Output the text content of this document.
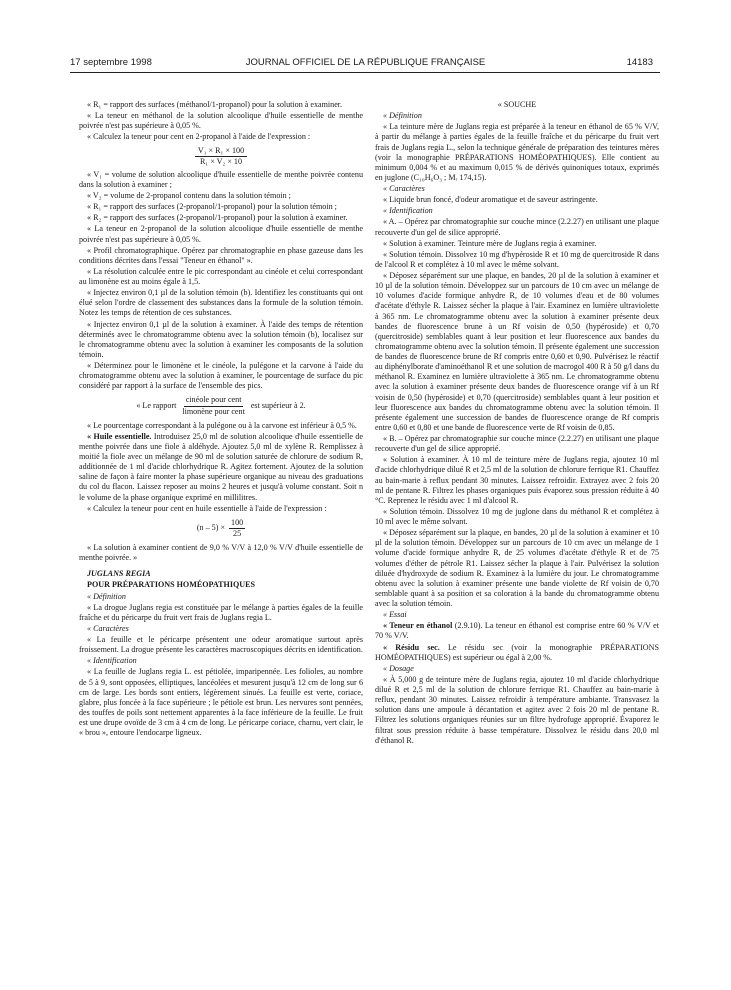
17 septembre 1998	JOURNAL OFFICIEL DE LA RÉPUBLIQUE FRANÇAISE	14183

« R₁ = rapport des surfaces (méthanol/1-propanol) pour la solution à examiner.

« La teneur en méthanol de la solution alcoolique d'huile essentielle de menthe poivrée n'est pas supérieure à 0,05 %.

« Calculez la teneur pour cent en 2-propanol à l'aide de l'expression :

$\frac{\text{V₁ × R₁ × 100}}{\text{R₁ × V₂ × 10}}$

« V₁ = volume de solution alcoolique d'huile essentielle de menthe poivrée contenu dans la solution à examiner ;

« V₂ = volume de 2-propanol contenu dans la solution témoin ;

« R₁ = rapport des surfaces (2-propanol/1-propanol) pour la solution témoin ;

« R₂ = rapport des surfaces (2-propanol/1-propanol) pour la solution à examiner.

« La teneur en 2-propanol de la solution alcoolique d'huile essentielle de menthe poivrée n'est pas supérieure à 0,05 %.

« Profil chromatographique. Opérez par chromatographie en phase gazeuse dans les conditions décrites dans l'essai "Teneur en éthanol" ».

« La résolution calculée entre le pic correspondant au cinéole et celui correspondant au limonène est au moins égale à 1,5.

« Injectez environ 0,1 µl de la solution témoin (b). Identifiez les constituants qui ont élué selon l'ordre de classement des substances dans la formule de la solution témoin. Notez les temps de rétention de ces substances.

« Injectez environ 0,1 µl de la solution à examiner. À l'aide des temps de rétention déterminés avec le chromatogramme obtenu avec la solution témoin (b), localisez sur le chromatogramme obtenu avec la solution à examiner les composants de la solution témoin.

« Déterminez pour le limonène et le cinéole, la pulégone et la carvone à l'aide du chromatogramme obtenu avec la solution à examiner, le pourcentage de surface du pic considéré par rapport à la surface de l'ensemble des pics.

« Le rapport
cinéole pour cent
limonène pour cent
est supérieur à 2.

« Le pourcentage correspondant à la pulégone ou à la carvone est inférieur à 0,5 %.

« Huile essentielle. Introduisez 25,0 ml de solution alcoolique d'huile essentielle de menthe poivrée dans une fiole à aldéhyde. Ajoutez 5,0 ml de xylène R. Remplissez à moitié la fiole avec un mélange de 90 ml de solution saturée de chlorure de sodium R, additionnée de 1 ml d'acide chlorhydrique R. Agitez fortement. Ajoutez de la solution saline de façon à faire monter la phase supérieure organique au niveau des graduations du col du flacon. Laissez reposer au moins 2 heures et jusqu'à volume constant. Soit n le volume de la phase organique exprimé en millilitres.

« Calculez la teneur pour cent en huile essentielle à l'aide de l'expression :

$(n - 5) \times \frac{100}{25}$

« La solution à examiner contient de 9,0 % V/V à 12,0 % V/V d'huile essentielle de menthe poivrée. »

JUGLANS REGIA

POUR PRÉPARATIONS HOMÉOPATHIQUES

« Définition

« La drogue Juglans regia est constituée par le mélange à parties égales de la feuille fraîche et du péricarpe du fruit vert frais de Juglans regia L.

« Caractères

« La feuille et le péricarpe présentent une odeur aromatique surtout après froissement. La drogue présente les caractères macroscopiques décrits en identification.

« Identification

« La feuille de Juglans regia L. est pétiolée, imparipennée. Les folioles, au nombre de 5 à 9, sont opposées, elliptiques, lancéolées et mesurent jusqu'à 12 cm de long sur 6 cm de large. Les bords sont entiers, légèrement sinués. La feuille est verte, coriace, glabre, plus foncée à la face supérieure ; le pétiole est brun. Les nervures sont pennées, des touffes de poils sont nettement apparentes à la face inférieure de la feuille. Le fruit est une drupe ovoïde de 3 cm à 4 cm de long. Le péricarpe coriace, charnu, vert clair, le « brou », entoure l'endocarpe ligneux.

« SOUCHE

« Définition

« La teinture mère de Juglans regia est préparée à la teneur en éthanol de 65 % V/V, à partir du mélange à parties égales de la feuille fraîche et du péricarpe du fruit vert frais de Juglans regia L., selon la technique générale de préparation des teintures mères (voir la monographie PRÉPARATIONS HOMÉOPATHIQUES). Elle contient au minimum 0,004 % et au maximum 0,015 % de dérivés quinoniques totaux, exprimés en juglone (C₁₀H₆O₃ ; Mᵣ 174,15).

« Caractères

« Liquide brun foncé, d'odeur aromatique et de saveur astringente.

« Identification

« A. – Opérez par chromatographie sur couche mince (2.2.27) en utilisant une plaque recouverte d'un gel de silice approprié.

« Solution à examiner. Teinture mère de Juglans regia à examiner.

« Solution témoin. Dissolvez 10 mg d'hypéroside R et 10 mg de quercitroside R dans de l'alcool R et complétez à 10 ml avec le même solvant.

« Déposez séparément sur une plaque, en bandes, 20 µl de la solution à examiner et 10 µl de la solution témoin. Développez sur un parcours de 10 cm avec un mélange de 10 volumes d'acide formique anhydre R, de 10 volumes d'eau et de 80 volumes d'acétate d'éthyle R. Laissez sécher la plaque à l'air. Examinez en lumière ultraviolette à 365 nm. Le chromatogramme obtenu avec la solution à examiner présente deux bandes de fluorescence brune à un Rf voisin de 0,50 (hypéroside) et 0,70 (quercitroside) semblables quant à leur position et leur fluorescence aux bandes du chromatogramme obtenu avec la solution témoin. Il présente également une succession de bandes de fluorescence brune de Rf compris entre 0,60 et 0,90. Pulvérisez le réactif au diphénylborate d'aminoéthanol R et une solution de macrogol 400 R à 50 g/l dans du méthanol R. Examinez en lumière ultraviolette à 365 nm. Le chromatogramme obtenu avec la solution à examiner présente deux bandes de fluorescence orange vif à un Rf voisin de 0,50 (hypéroside) et 0,70 (quercitroside) semblables quant à leur position et leur fluorescence aux bandes du chromatogramme obtenu avec la solution témoin. Il présente également une succession de bandes de fluorescence orange de Rf compris entre 0,60 et 0,80 et une bande de fluorescence verte de Rf voisin de 0,85.

« B. – Opérez par chromatographie sur couche mince (2.2.27) en utilisant une plaque recouverte d'un gel de silice approprié.

« Solution à examiner. À 10 ml de teinture mère de Juglans regia, ajoutez 10 ml d'acide chlorhydrique dilué R et 2,5 ml de la solution de chlorure ferrique R1. Chauffez au bain-marie à reflux pendant 30 minutes. Laissez refroidir. Extrayez avec 2 fois 20 ml de pentane R. Filtrez les phases organiques puis évaporez sous pression réduite à 40 °C. Reprenez le résidu avec 1 ml d'alcool R.

« Solution témoin. Dissolvez 10 mg de juglone dans du méthanol R et complétez à 10 ml avec le même solvant.

« Déposez séparément sur la plaque, en bandes, 20 µl de la solution à examiner et 10 µl de la solution témoin. Développez sur un parcours de 10 cm avec un mélange de 1 volume d'acide formique anhydre R, de 25 volumes d'acétate d'éthyle R et de 75 volumes d'éther de pétrole R1. Laissez sécher la plaque à l'air. Pulvérisez la solution diluée d'hydroxyde de sodium R. Examinez à la lumière du jour. Le chromatogramme obtenu avec la solution à examiner présente une bande violette de Rf voisin de 0,70 semblable quant à sa position et sa coloration à la bande du chromatogramme obtenu avec la solution témoin.

« Essai

« Teneur en éthanol (2.9.10). La teneur en éthanol est comprise entre 60 % V/V et 70 % V/V.

« Résidu sec. Le résidu sec (voir la monographie PRÉPARATIONS HOMÉOPATHIQUES) est supérieur ou égal à 2,00 %.

« Dosage

« À 5,000 g de teinture mère de Juglans regia, ajoutez 10 ml d'acide chlorhydrique dilué R et 2,5 ml de la solution de chlorure ferrique R1. Chauffez au bain-marie à reflux, pendant 30 minutes. Laissez refroidir à température ambiante. Transvasez la solution dans une ampoule à décantation et agitez avec 2 fois 20 ml de pentane R. Filtrez les solutions organiques réunies sur un filtre hydrofuge approprié. Évaporez le filtrat sous pression réduite à basse température. Dissolvez le résidu dans 20,0 ml d'éthanol R.
